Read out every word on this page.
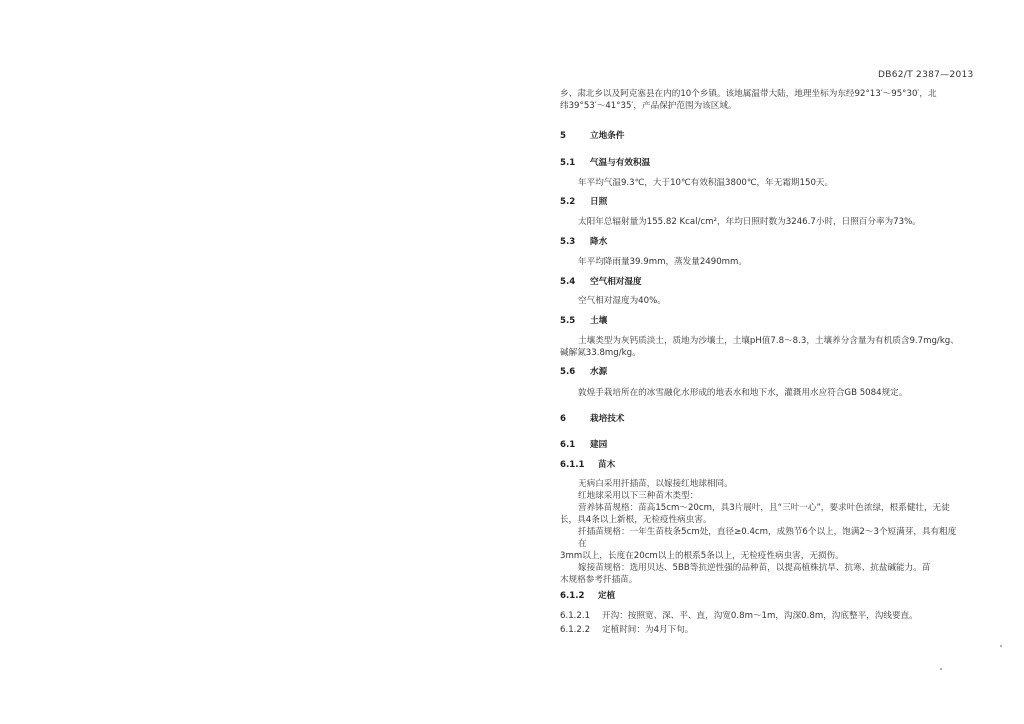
DB62/T 2387—2013
乡、肃北乡以及阿克塞县在内的10个乡镇。该地属温带大陆，地理坐标为东经92°13′～95°30′，北
纬39°53′～41°35′，产品保护范围为该区域。
5	立地条件
5.1 气温与有效积温
年平均气温9.3℃，大于10℃有效积温3800℃，年无霜期150天。
5.2 日照
太阳年总辐射量为155.82 Kcal/cm²，年均日照时数为3246.7小时，日照百分率为73%。
5.3 降水
年平均降雨量39.9mm，蒸发量2490mm。
5.4 空气相对湿度
空气相对湿度为40%。
5.5 土壤
土壤类型为灰钙质淡土，质地为沙壤土，土壤pH值7.8～8.3，土壤养分含量为有机质含9.7mg/kg、
碱解氮33.8mg/kg。
5.6 水源
敦煌手栽培所在的冰雪融化水形成的地表水和地下水，灌溉用水应符合GB 5084规定。
6	栽培技术
6.1 建园
6.1.1 苗木
无病白采用扦插苗，以嫁接红地球相同。
红地球采用以下三种苗木类型：
营养钵苗规格：苗高15cm～20cm，具3片展叶，且“三叶一心”，要求叶色浓绿，根系健壮，无徒
长，具4条以上新根，无检疫性病虫害。
扦插苗规格：一年生苗枝条5cm处，直径≥0.4cm，成熟节6个以上，饱满2～3个短满芽，具有粗度在
3mm以上，长度在20cm以上的根系5条以上，无检疫性病虫害，无损伤。
嫁接苗规格：选用贝达、5BB等抗逆性强的品种苗，以提高植株抗旱、抗寒、抗盐碱能力。苗
木规格参考扦插苗。
6.1.2 定植
6.1.2.1 开沟：按照宽、深、平、直，沟宽0.8m～1m，沟深0.8m，沟底整平，沟线要直。
6.1.2.2 定植时间：为4月下旬。
